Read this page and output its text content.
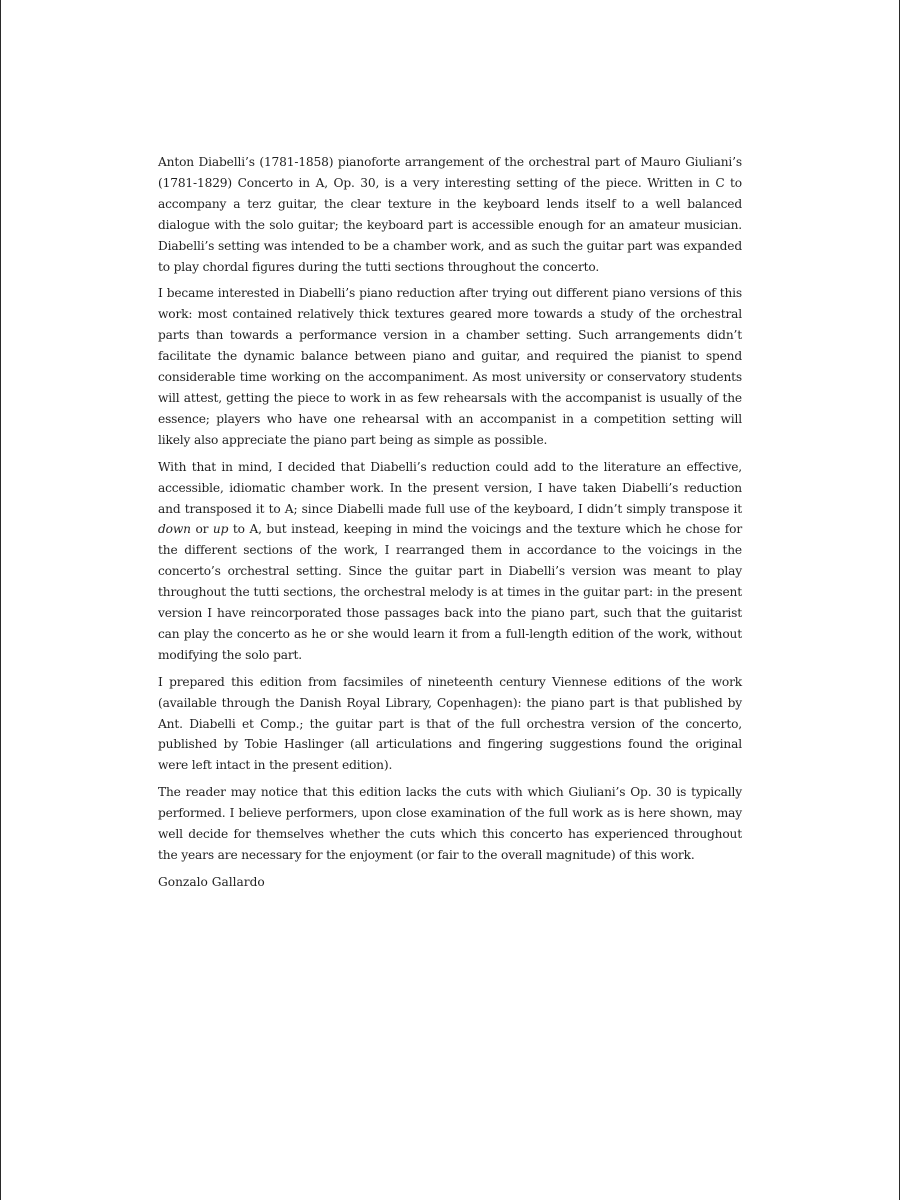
Anton Diabelli’s (1781-1858) pianoforte arrangement of the orchestral part of Mauro Giuliani’s (1781-1829) Concerto in A, Op. 30, is a very interesting setting of the piece. Written in C to accompany a terz guitar, the clear texture in the keyboard lends itself to a well balanced dialogue with the solo guitar; the keyboard part is accessible enough for an amateur musician. Diabelli’s setting was intended to be a chamber work, and as such the guitar part was expanded to play chordal figures during the tutti sections throughout the concerto.

I became interested in Diabelli’s piano reduction after trying out different piano versions of this work: most contained relatively thick textures geared more towards a study of the orchestral parts than towards a performance version in a chamber setting. Such arrangements didn’t facilitate the dynamic balance between piano and guitar, and required the pianist to spend considerable time working on the accompaniment. As most university or conservatory students will attest, getting the piece to work in as few rehearsals with the accompanist is usually of the essence; players who have one rehearsal with an accompanist in a competition setting will likely also appreciate the piano part being as simple as possible.

With that in mind, I decided that Diabelli’s reduction could add to the literature an effective, accessible, idiomatic chamber work. In the present version, I have taken Diabelli’s reduction and transposed it to A; since Diabelli made full use of the keyboard, I didn’t simply transpose it down or up to A, but instead, keeping in mind the voicings and the texture which he chose for the different sections of the work, I rearranged them in accordance to the voicings in the concerto’s orchestral setting. Since the guitar part in Diabelli’s version was meant to play throughout the tutti sections, the orchestral melody is at times in the guitar part: in the present version I have reincorporated those passages back into the piano part, such that the guitarist can play the concerto as he or she would learn it from a full-length edition of the work, without modifying the solo part.

I prepared this edition from facsimiles of nineteenth century Viennese editions of the work (available through the Danish Royal Library, Copenhagen): the piano part is that published by Ant. Diabelli et Comp.; the guitar part is that of the full orchestra version of the concerto, published by Tobie Haslinger (all articulations and fingering suggestions found the original were left intact in the present edition).

The reader may notice that this edition lacks the cuts with which Giuliani’s Op. 30 is typically performed. I believe performers, upon close examination of the full work as is here shown, may well decide for themselves whether the cuts which this concerto has experienced throughout the years are necessary for the enjoyment (or fair to the overall magnitude) of this work.

Gonzalo Gallardo
